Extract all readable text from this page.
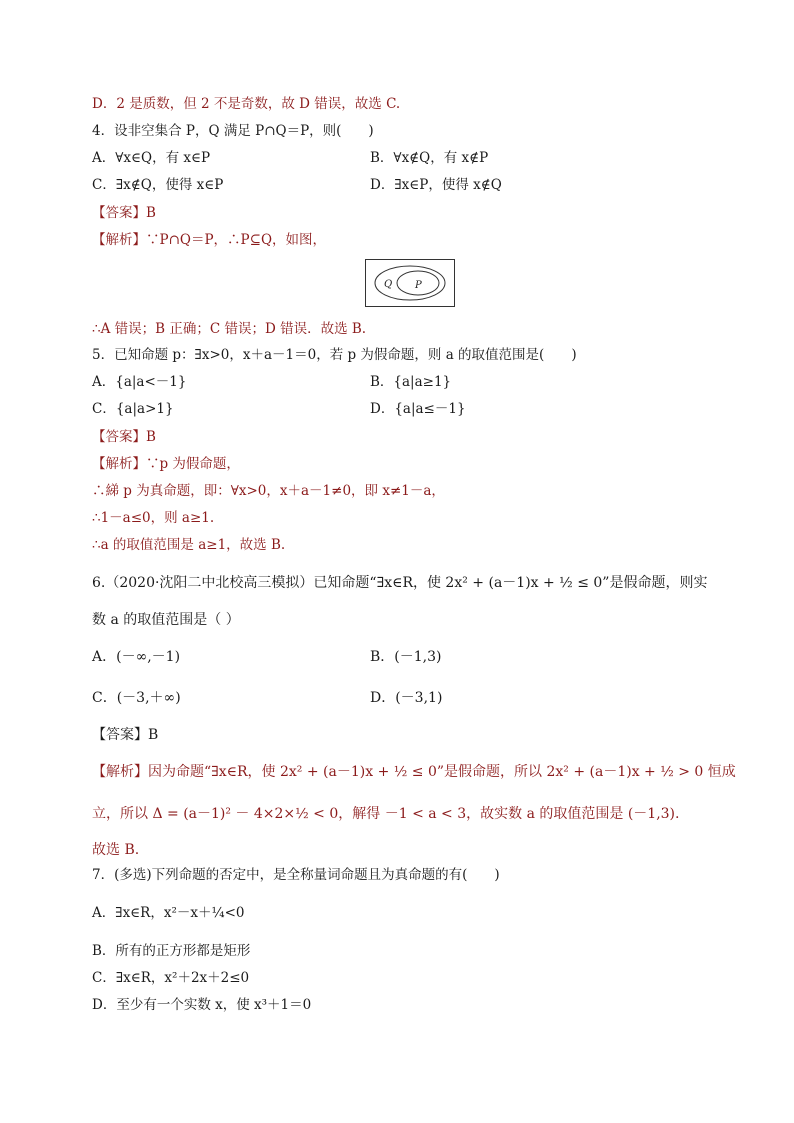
D．2 是质数，但 2 不是奇数，故 D 错误，故选 C.
4．设非空集合 P，Q 满足 P∩Q＝P，则(　　)
A．∀x∈Q，有 x∈P	B．∀x∉Q，有 x∉P
C．∃x∉Q，使得 x∈P	D．∃x∈P，使得 x∉Q
【答案】B
【解析】∵P∩Q＝P，∴P⊆Q，如图，
Q P
∴A 错误；B 正确；C 错误；D 错误．故选 B.
5．已知命题 p：∃x>0，x＋a－1＝0，若 p 为假命题，则 a 的取值范围是(　　)
A．{a|a<－1}	B．{a|a≥1}
C．{a|a>1}	D．{a|a≤－1}
【答案】B
【解析】∵p 为假命题，
∴綈 p 为真命题，即：∀x>0，x＋a－1≠0，即 x≠1－a，
∴1－a≤0，则 a≥1.
∴a 的取值范围是 a≥1，故选 B.
6.（2020·沈阳二中北校高三模拟）已知命题“∃x∈R，使 2x² + (a－1)x + ½ ≤ 0”是假命题，则实
数 a 的取值范围是（ ）
A．(－∞,－1)	B．(－1,3)
C．(－3,＋∞)	D．(－3,1)
【答案】B
【解析】因为命题“∃x∈R，使 2x² + (a－1)x + ½ ≤ 0”是假命题，所以 2x² + (a－1)x + ½ > 0 恒成
立，所以 Δ = (a－1)² － 4×2×½ < 0，解得 －1 < a < 3，故实数 a 的取值范围是 (－1,3).
故选 B.
7．(多选)下列命题的否定中，是全称量词命题且为真命题的有(　　)
A．∃x∈R，x²－x＋¼<0
B．所有的正方形都是矩形
C．∃x∈R，x²＋2x＋2≤0
D．至少有一个实数 x，使 x³＋1＝0
